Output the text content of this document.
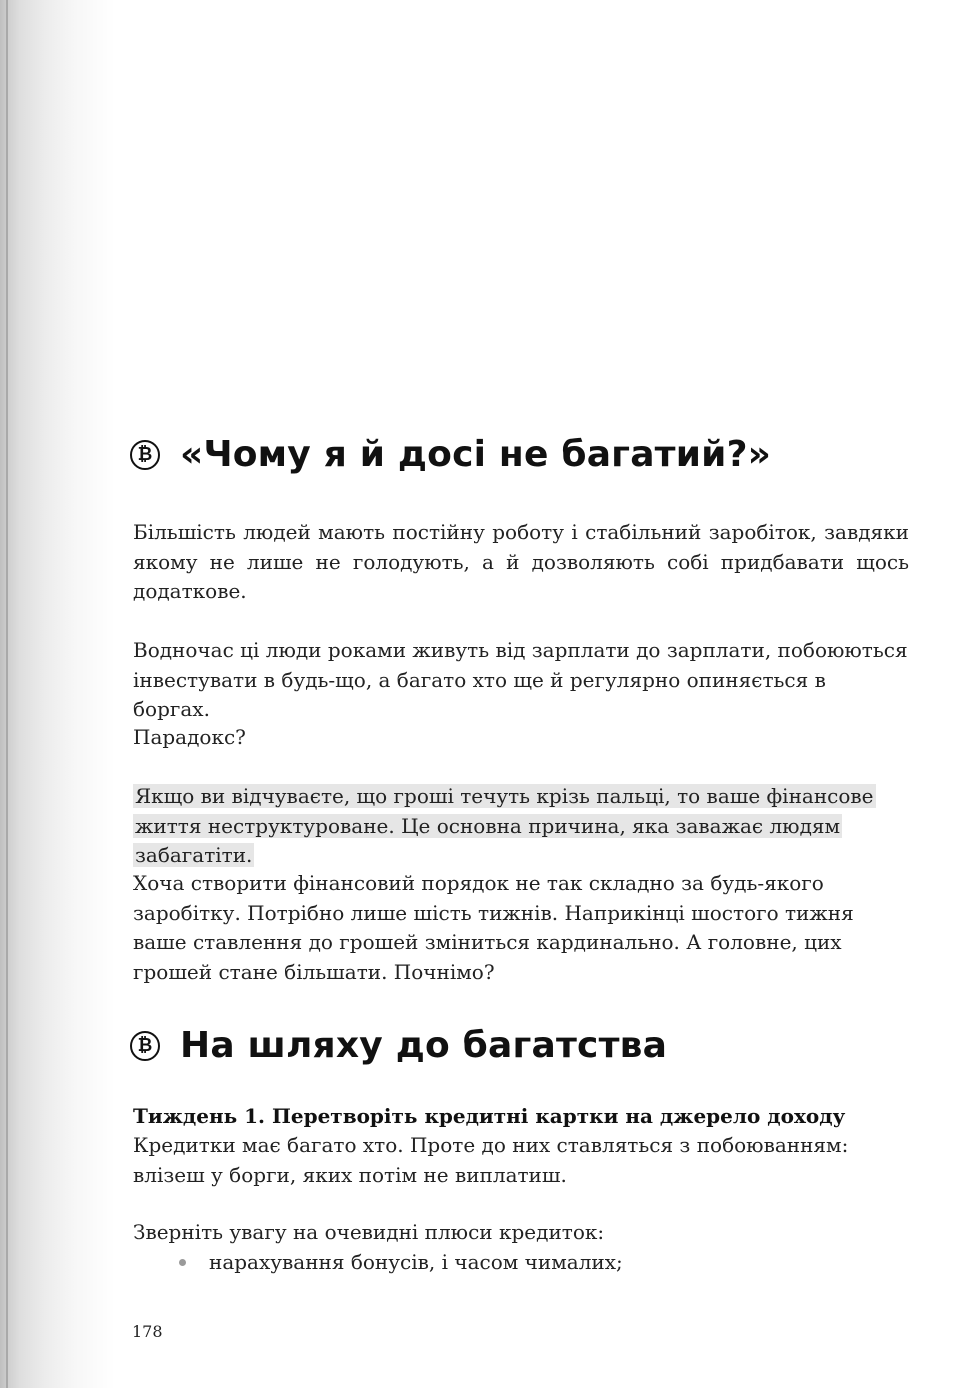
₿ «Чому я й досі не багатий?»

Більшість людей мають постійну роботу і стабільний заробіток, завдяки якому не лише не голодують, а й дозволяють собі придбавати щось додаткове.

Водночас ці люди роками живуть від зарплати до зарплати, побоюються інвестувати в будь-що, а багато хто ще й регулярно опиняється в боргах.

Парадокс?

Якщо ви відчуваєте, що гроші течуть крізь пальці, то ваше фінансове життя неструктуроване. Це основна причина, яка заважає людям забагатіти.

Хоча створити фінансовий порядок не так складно за будь-якого заробітку. Потрібно лише шість тижнів. Наприкінці шостого тижня ваше ставлення до грошей зміниться кардинально. А головне, цих грошей стане більшати. Почнімо?

₿ На шляху до багатства
Тиждень 1. Перетворіть кредитні картки на джерело доходу

Кредитки має багато хто. Проте до них ставляться з побоюванням: влізеш у борги, яких потім не виплатиш.

Зверніть увагу на очевидні плюси кредиток:

нарахування бонусів, і часом чималих;
178
